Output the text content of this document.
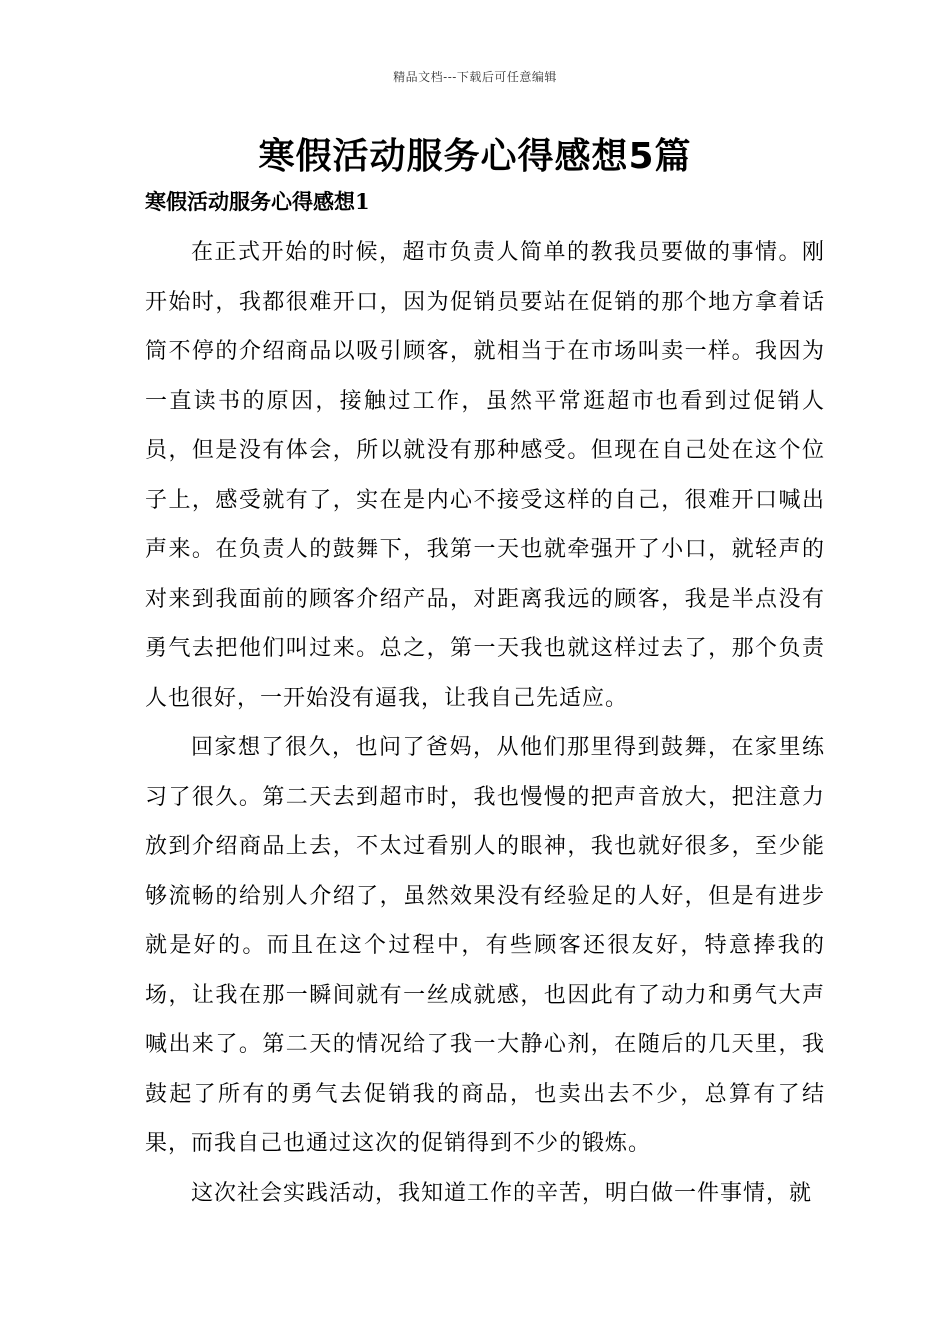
精品文档---下载后可任意编辑
寒假活动服务心得感想5篇
寒假活动服务心得感想1

在正式开始的时候，超市负责人简单的教我员要做的事情。刚开始时，我都很难开口，因为促销员要站在促销的那个地方拿着话筒不停的介绍商品以吸引顾客，就相当于在市场叫卖一样。我因为一直读书的原因，接触过工作，虽然平常逛超市也看到过促销人员，但是没有体会，所以就没有那种感受。但现在自己处在这个位子上，感受就有了，实在是内心不接受这样的自己，很难开口喊出声来。在负责人的鼓舞下，我第一天也就牵强开了小口，就轻声的对来到我面前的顾客介绍产品，对距离我远的顾客，我是半点没有勇气去把他们叫过来。总之，第一天我也就这样过去了，那个负责人也很好，一开始没有逼我，让我自己先适应。

回家想了很久，也问了爸妈，从他们那里得到鼓舞，在家里练习了很久。第二天去到超市时，我也慢慢的把声音放大，把注意力放到介绍商品上去，不太过看别人的眼神，我也就好很多，至少能够流畅的给别人介绍了，虽然效果没有经验足的人好，但是有进步就是好的。而且在这个过程中，有些顾客还很友好，特意捧我的场，让我在那一瞬间就有一丝成就感，也因此有了动力和勇气大声喊出来了。第二天的情况给了我一大静心剂，在随后的几天里，我鼓起了所有的勇气去促销我的商品，也卖出去不少，总算有了结果，而我自己也通过这次的促销得到不少的锻炼。

这次社会实践活动，我知道工作的辛苦，明白做一件事情，就
